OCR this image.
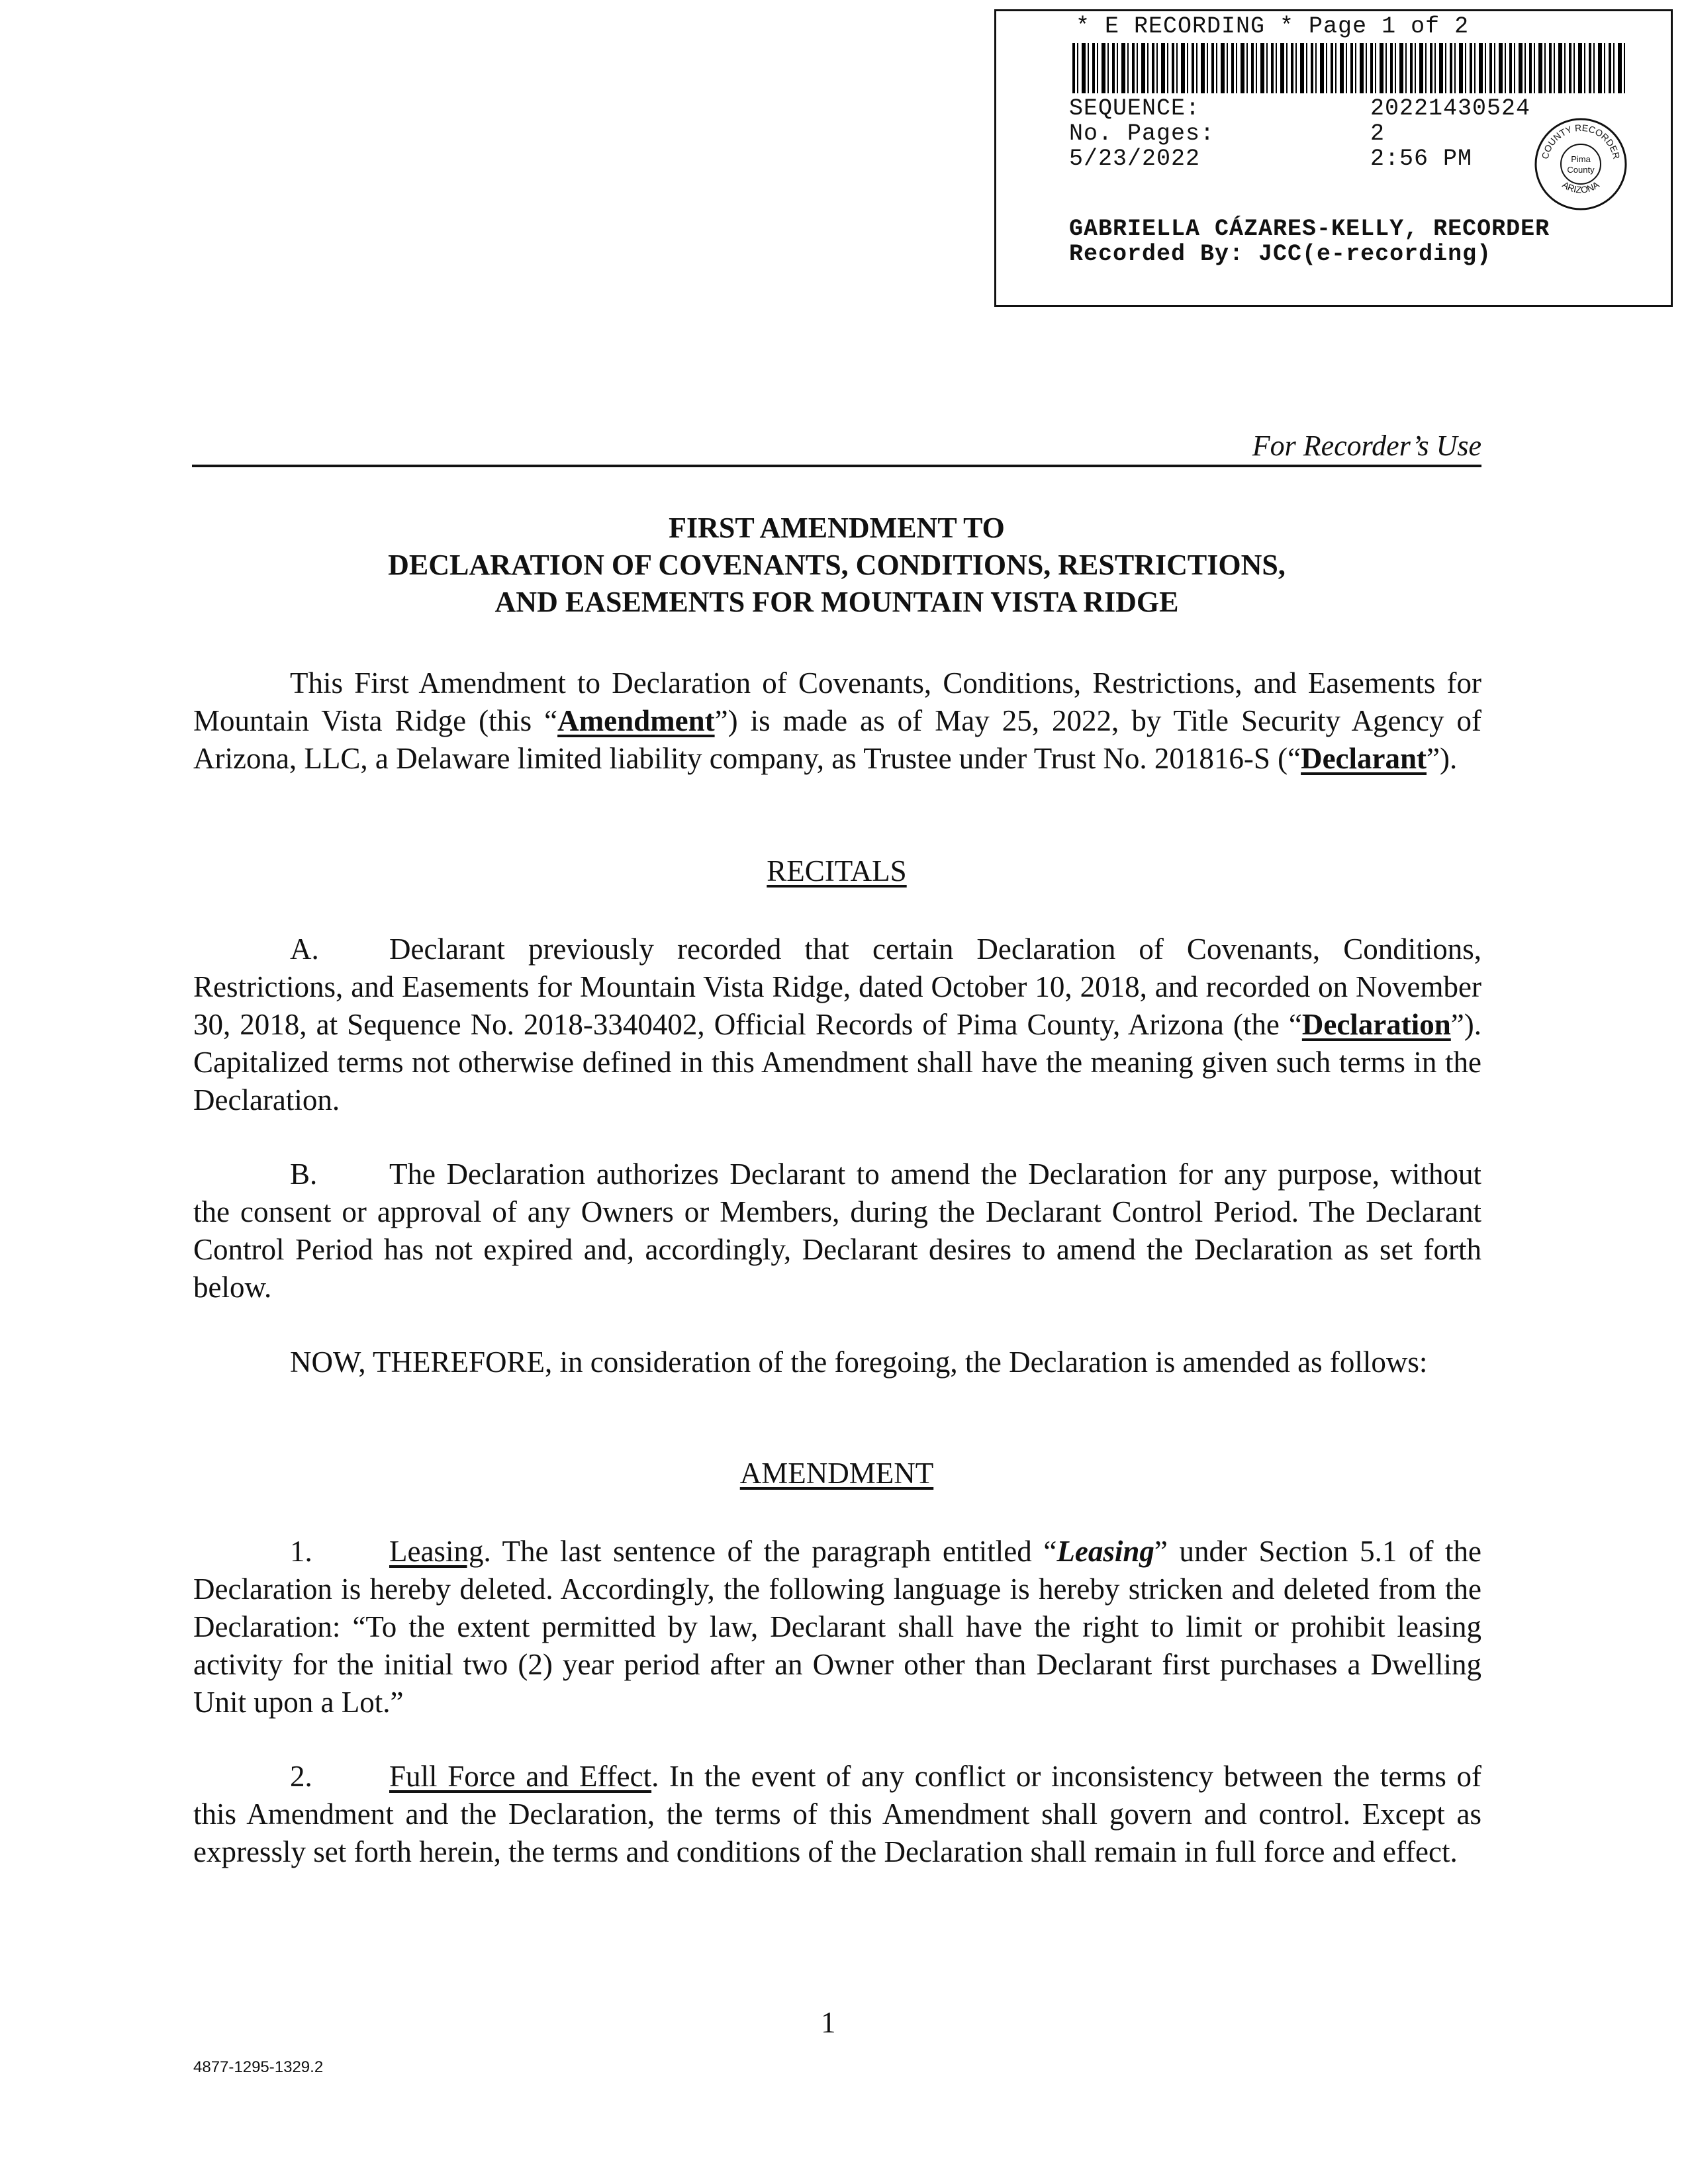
* E RECORDING * Page 1 of 2
SEQUENCE:	20221430524
No. Pages:	2
5/23/2022	2:56 PM	COUNTY RECORDER
ARIZONA
Pima
County
GABRIELLA CÁZARES-KELLY, RECORDER
Recorded By: JCC(e-recording)
For Recorder’s Use
FIRST AMENDMENT TO
DECLARATION OF COVENANTS, CONDITIONS, RESTRICTIONS,
AND EASEMENTS FOR MOUNTAIN VISTA RIDGE

This First Amendment to Declaration of Covenants, Conditions, Restrictions, and Easements for Mountain Vista Ridge (this “Amendment”) is made as of May 25, 2022, by Title Security Agency of Arizona, LLC, a Delaware limited liability company, as Trustee under Trust No. 201816-S (“Declarant”).

RECITALS

A. Declarant previously recorded that certain Declaration of Covenants, Conditions, Restrictions, and Easements for Mountain Vista Ridge, dated October 10, 2018, and recorded on November 30, 2018, at Sequence No. 2018-3340402, Official Records of Pima County, Arizona (the “Declaration”). Capitalized terms not otherwise defined in this Amendment shall have the meaning given such terms in the Declaration.

B. The Declaration authorizes Declarant to amend the Declaration for any purpose, without the consent or approval of any Owners or Members, during the Declarant Control Period. The Declarant Control Period has not expired and, accordingly, Declarant desires to amend the Declaration as set forth below.

NOW, THEREFORE, in consideration of the foregoing, the Declaration is amended as follows:

AMENDMENT

1.	Leasing. The last sentence of the paragraph entitled “Leasing” under Section 5.1 of the Declaration is hereby deleted. Accordingly, the following language is hereby stricken and deleted from the Declaration: “To the extent permitted by law, Declarant shall have the right to limit or prohibit leasing activity for the initial two (2) year period after an Owner other than Declarant first purchases a Dwelling Unit upon a Lot.”

2.	Full Force and Effect. In the event of any conflict or inconsistency between the terms of this Amendment and the Declaration, the terms of this Amendment shall govern and control. Except as expressly set forth herein, the terms and conditions of the Declaration shall remain in full force and effect.

1
4877-1295-1329.2
